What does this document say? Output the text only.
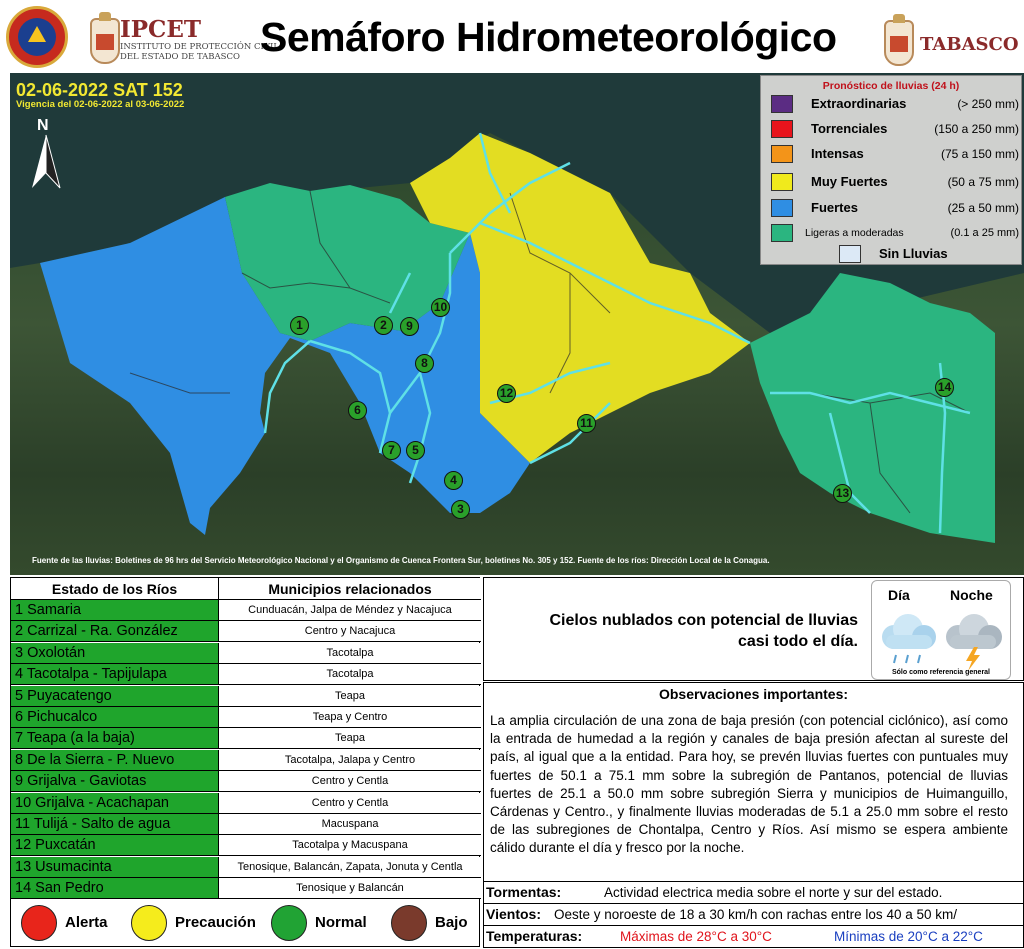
IPCET
INSTITUTO DE PROTECCIÓN CIVIL
DEL ESTADO DE TABASCO Semáforo Hidrometeorológico	TABASCO
02-06-2022 SAT 152
Vigencia del 02-06-2022 al 03-06-2022
N
1	2
3
4
5
6
7
8
9
10
11
12
13
14
Pronóstico de lluvias (24 h)
Extraordinarias	(> 250 mm)
Torrenciales	(150 a 250 mm)
Intensas	(75 a 150 mm)
Muy Fuertes	(50 a 75 mm)
Fuertes	(25 a 50 mm)
Ligeras a moderadas	(0.1 a 25 mm)
Sin Lluvias
Fuente de las lluvias: Boletines de 96 hrs del Servicio Meteorológico Nacional y el Organismo de Cuenca Frontera Sur, boletines No. 305 y 152. Fuente de los ríos: Dirección Local de la Conagua.
Estado de los Ríos	Municipios relacionados
1 Samaria	Cunduacán, Jalpa de Méndez y Nacajuca
2 Carrizal - Ra. González	Centro y Nacajuca
3 Oxolotán	Tacotalpa
4 Tacotalpa - Tapijulapa	Tacotalpa
5 Puyacatengo	Teapa
6 Pichucalco	Teapa y Centro
7 Teapa (a la baja)	Teapa
8 De la Sierra - P. Nuevo	Tacotalpa, Jalapa y Centro
9 Grijalva - Gaviotas	Centro y Centla
10 Grijalva - Acachapan	Centro y Centla
11 Tulijá - Salto de agua	Macuspana
12 Puxcatán	Tacotalpa y Macuspana
13 Usumacinta	Tenosique, Balancán, Zapata, Jonuta y Centla
14 San Pedro	Tenosique y Balancán
Alerta	Precaución	Normal	Bajo
Cielos nublados con potencial de lluvias
casi todo el día.
Día	Noche
Sólo como referencia general
Observaciones importantes:
La amplia circulación de una zona de baja presión (con potencial ciclónico), así como la entrada de humedad a la región y canales de baja presión afectan al sureste del país, al igual que a la entidad. Para hoy, se prevén lluvias fuertes con puntuales muy fuertes de 50.1 a 75.1 mm sobre la subregión de Pantanos, potencial de lluvias fuertes de 25.1 a 50.0 mm sobre subregión Sierra y municipios de Huimanguillo, Cárdenas y Centro., y finalmente lluvias moderadas de 5.1 a 25.0 mm sobre el resto de las subregiones de Chontalpa, Centro y Ríos. Así mismo se espera ambiente cálido durante el día y fresco por la noche.
Tormentas:	Actividad electrica media sobre el norte y sur del estado.
Vientos: Oeste y noroeste de 18 a 30 km/h con rachas entre los 40 a 50 km/
Temperaturas:	Máximas de 28°C a 30°C	Mínimas de 20°C a 22°C
